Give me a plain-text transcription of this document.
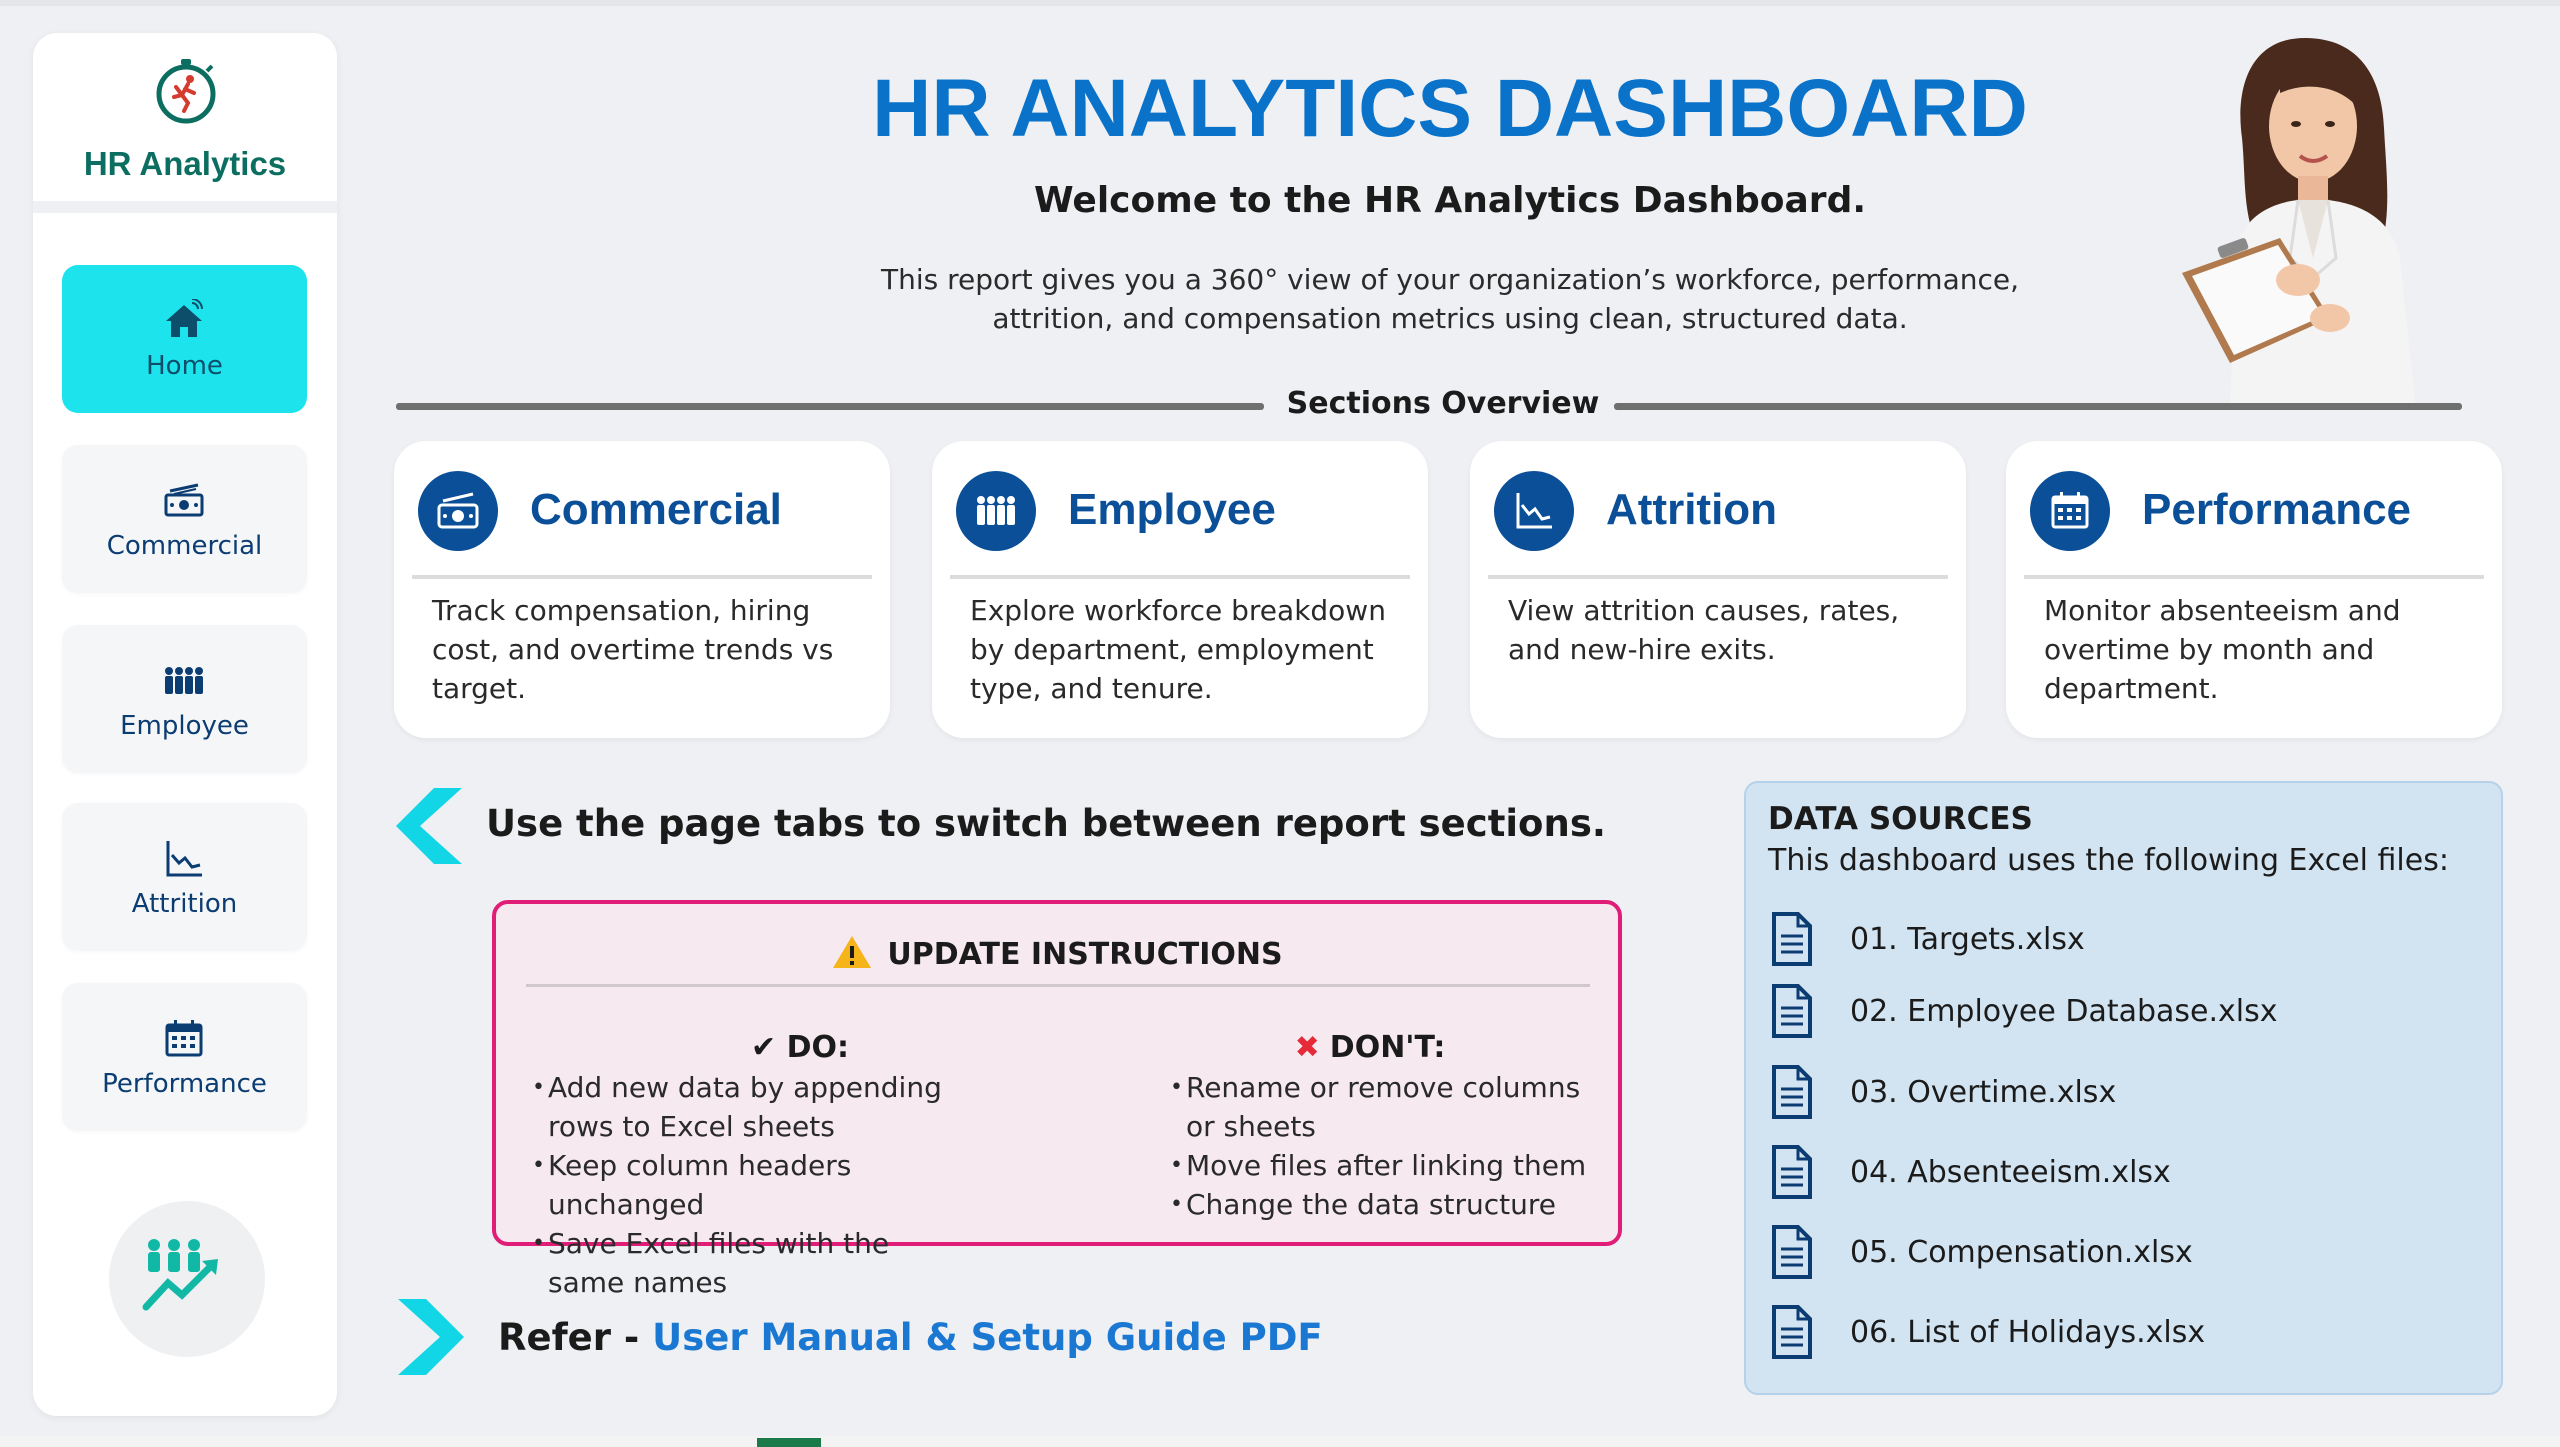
HR Analytics
Home
Commercial
Employee
Attrition
Performance
HR ANALYTICS DASHBOARD
Welcome to the HR Analytics Dashboard.
This report gives you a 360° view of your organization’s workforce, performance,
attrition, and compensation metrics using clean, structured data.
Sections Overview
Commercial
Track compensation, hiring cost, and overtime trends vs target.
Employee
Explore workforce breakdown by department, employment type, and tenure.
Attrition
View attrition causes, rates, and new-hire exits.
Performance
Monitor absenteeism and overtime by month and department.
Use the page tabs to switch between report sections.
UPDATE INSTRUCTIONS
✔ DO:
• Add new data by appending rows to Excel sheets
• Keep column headers unchanged
• Save Excel files with the same names
✖ DON'T:
• Rename or remove columns or sheets
• Move files after linking them
• Change the data structure
Refer - User Manual & Setup Guide PDF
DATA SOURCES
This dashboard uses the following Excel files:
01. Targets.xlsx
02. Employee Database.xlsx
03. Overtime.xlsx
04. Absenteeism.xlsx
05. Compensation.xlsx
06. List of Holidays.xlsx
